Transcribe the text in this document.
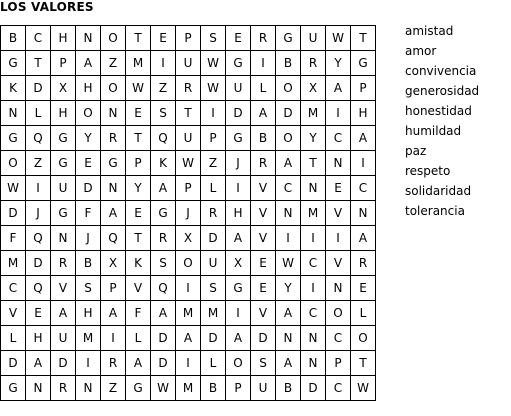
LOS VALORES
B	C	H	N	O	T	E	P	S	E	R	G	U	W	T
G	T	P	A	Z	M	I	U	W	G	I	B	R	Y	G
K	D	X	H	O	W	Z	R	W	U	L	O	X	A	P
N	L	H	O	N	E	S	T	I	D	A	D	M	I	H
G	Q	G	Y	R	T	Q	U	P	G	B	O	Y	C	A
O	Z	G	E	G	P	K	W	Z	J	R	A	T	N	I
W	I	U	D	N	Y	A	P	L	I	V	C	N	E	C
D	J	G	F	A	E	G	J	R	H	V	N	M	V	N
F	Q	N	J	Q	T	R	X	D	A	V	I	I	I	A
M	D	R	B	X	K	S	O	U	X	E	W	C	V	R
C	Q	V	S	P	V	Q	I	S	G	E	Y	I	N	E
V	E	A	H	A	F	A	M	M	I	V	A	C	O	L
L	H	U	M	I	L	D	A	D	A	D	N	N	C	O
D	A	D	I	R	A	D	I	L	O	S	A	N	P	T
G	N	R	N	Z	G	W	M	B	P	U	B	D	C	W
amistad
amor
convivencia
generosidad
honestidad
humildad
paz
respeto
solidaridad
tolerancia
